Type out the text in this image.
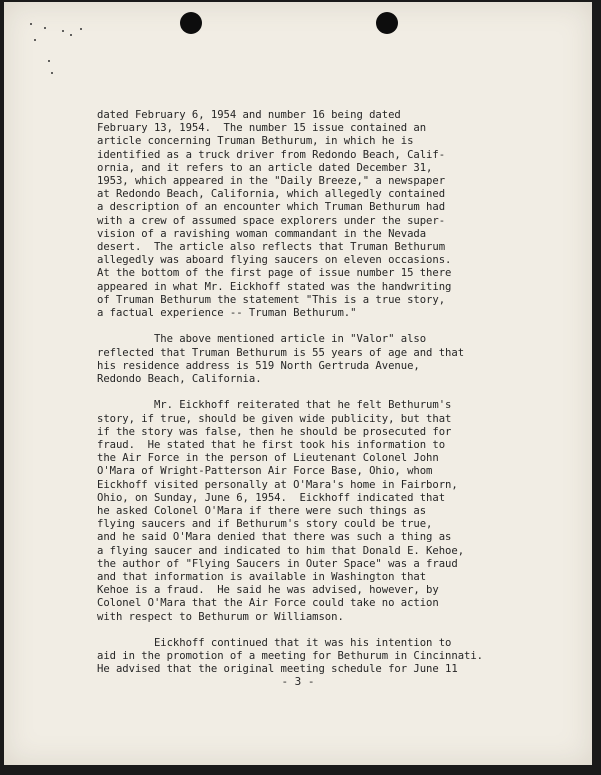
dated February 6, 1954 and number 16 being dated
February 13, 1954.  The number 15 issue contained an
article concerning Truman Bethurum, in which he is
identified as a truck driver from Redondo Beach, Calif-
ornia, and it refers to an article dated December 31,
1953, which appeared in the "Daily Breeze," a newspaper
at Redondo Beach, California, which allegedly contained
a description of an encounter which Truman Bethurum had
with a crew of assumed space explorers under the super-
vision of a ravishing woman commandant in the Nevada
desert.  The article also reflects that Truman Bethurum
allegedly was aboard flying saucers on eleven occasions.
At the bottom of the first page of issue number 15 there
appeared in what Mr. Eickhoff stated was the handwriting
of Truman Bethurum the statement "This is a true story,
a factual experience -- Truman Bethurum."
The above mentioned article in "Valor" also
reflected that Truman Bethurum is 55 years of age and that
his residence address is 519 North Gertruda Avenue,
Redondo Beach, California.
Mr. Eickhoff reiterated that he felt Bethurum's
story, if true, should be given wide publicity, but that
if the story was false, then he should be prosecuted for
fraud.  He stated that he first took his information to
the Air Force in the person of Lieutenant Colonel John
O'Mara of Wright-Patterson Air Force Base, Ohio, whom
Eickhoff visited personally at O'Mara's home in Fairborn,
Ohio, on Sunday, June 6, 1954.  Eickhoff indicated that
he asked Colonel O'Mara if there were such things as
flying saucers and if Bethurum's story could be true,
and he said O'Mara denied that there was such a thing as
a flying saucer and indicated to him that Donald E. Kehoe,
the author of "Flying Saucers in Outer Space" was a fraud
and that information is available in Washington that
Kehoe is a fraud.  He said he was advised, however, by
Colonel O'Mara that the Air Force could take no action
with respect to Bethurum or Williamson.
Eickhoff continued that it was his intention to
aid in the promotion of a meeting for Bethurum in Cincinnati.
He advised that the original meeting schedule for June 11
- 3 -
